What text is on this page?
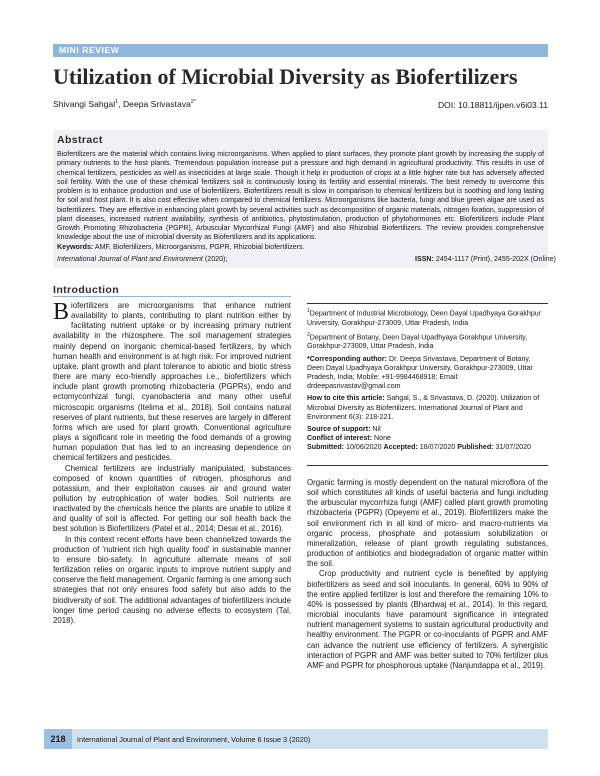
MINI REVIEW
Utilization of Microbial Diversity as Biofertilizers
Shivangi Sahgal$^1$, Deepa Srivastava$^{2*}$	DOI: 10.18811/ijpen.v6i03.11
Abstract

Biofertilizers are the material which contains living microorganisms. When applied to plant surfaces, they promote plant growth by increasing the supply of primary nutrients to the host plants. Tremendous population increase put a pressure and high demand in agricultural productivity. This results in use of chemical fertilizers, pesticides as well as insecticides at large scale. Though it help in production of crops at a little higher rate but has adversely affected soil fertility. With the use of these chemical fertilizers soil is continuously losing its fertility and essential minerals. The best remedy to overcome this problem is to enhance production and use of biofertilizers. Biofertilizers result is slow in comparison to chemical fertilizers but is soothing and long lasting for soil and host plant. It is also cost effective when compared to chemical fertilizers. Microorganisms like bacteria, fungi and blue green algae are used as biofertilizers. They are effective in enhancing plant growth by several activities such as decomposition of organic materials, nitrogen fixation, suppression of plant diseases, increased nutrient availability, synthesis of antibiotics, phytostimulation, production of phytohormones etc. Biofertilizers include Plant Growth Promoting Rhizobacteria (PGPR), Arbuscular Mycorrhizal Fungi (AMF) and also Rhizobial Biofertilizers. The review provides comprehensive knowledge about the use of microbial diversity as Biofertilizers and its applications.

Keywords: AMF, Biofertilizers, Microorganisms, PGPR, Rhizobial biofertilizers.
International Journal of Plant and Environment (2020);	ISSN: 2454-1117 (Print), 2455-202X (Online)
Introduction

Biofertilizers are microorganisms that enhance nutrient availability to plants, contributing to plant nutrition either by facilitating nutrient uptake or by increasing primary nutrient availability in the rhizosphere. The soil management strategies mainly depend on inorganic chemical-based fertilizers, by which human health and environment is at high risk. For improved nutrient uptake, plant growth and plant tolerance to abiotic and biotic stress there are many eco-friendly approaches i.e., biofertilizers which include plant growth promoting rhizobacteria (PGPRs), endo and ectomycorrhizal fungi, cyanobacteria and many other useful microscopic organisms (Itelima et al., 2018). Soil contains natural reserves of plant nutrients, but these reserves are largely in different forms which are used for plant growth. Conventional agriculture plays a significant role in meeting the food demands of a growing human population that has led to an increasing dependence on chemical fertilizers and pesticides.

Chemical fertilizers are industrially manipulated, substances composed of known quantities of nitrogen, phosphorus and potassium, and their exploitation causes air and ground water pollution by eutrophication of water bodies. Soil nutrients are inactivated by the chemicals hence the plants are unable to utilize it and quality of soil is affected. For getting our soil health back the best solution is Biofertilizers (Patel et al., 2014; Desai et al., 2016).

In this context recent efforts have been channelized towards the production of 'nutrient rich high quality food' in sustainable manner to ensure bio-safety. In agriculture alternate means of soil fertilization relies on organic inputs to improve nutrient supply and conserve the field management. Organic farming is one among such strategies that not only ensures food safety but also adds to the biodiversity of soil. The additional advantages of biofertilizers include longer time period causing no adverse effects to ecosystem (Tal, 2018).

$^1$Department of Industrial Microbiology, Deen Dayal Upadhyaya Gorakhpur University, Gorakhpur-273009, Uttar Pradesh, India
$^2$Department of Botany, Deen Dayal Upadhyaya Gorakhpur University, Gorakhpur-273009, Uttar Pradesh, India
*Corresponding author: Dr. Deepa Srivastava, Department of Botany, Deen Dayal Upadhyaya Gorakhpur University, Gorakhpur-273009, Uttar Pradesh, India; Mobile: +91-9984468918; Email: drdeepasrivastav@gmail.com
How to cite this article: Sahgal, S., & Srivastava, D. (2020). Utilization of Microbial Diversity as Biofertilizers. International Journal of Plant and Environment 6(3): 218-221.
Source of support: Nil
Conflict of interest: None
Submitted: 10/06/2020 Accepted: 18/07/2020 Published: 31/07/2020

Organic farming is mostly dependent on the natural microflora of the soil which constitutes all kinds of useful bacteria and fungi including the arbuscular mycorrhiza fungi (AMF) called plant growth promoting rhizobacteria (PGPR) (Opeyemi et al., 2019). Biofertilizers make the soil environment rich in all kind of micro- and macro-nutrients via organic process, phosphate and potassium solubilization or mineralization, release of plant growth regulating substances, production of antibiotics and biodegradation of organic matter within the soil.

Crop productivity and nutrient cycle is benefited by applying biofertilizers as seed and soil inoculants. In general, 60% to 90% of the entire applied fertilizer is lost and therefore the remaining 10% to 40% is possessed by plants (Bhardwaj et al., 2014). In this regard, microbial inoculants have paramount significance in integrated nutrient management systems to sustain agricultural productivity and healthy environment. The PGPR or co-inoculants of PGPR and AMF can advance the nutrient use efficiency of fertilizers. A synergistic interaction of PGPR and AMF was better suited to 70% fertilizer plus AMF and PGPR for phosphorous uptake (Nanjundappa et al., 2019).

218	International Journal of Plant and Environment, Volume 6 Issue 3 (2020)
